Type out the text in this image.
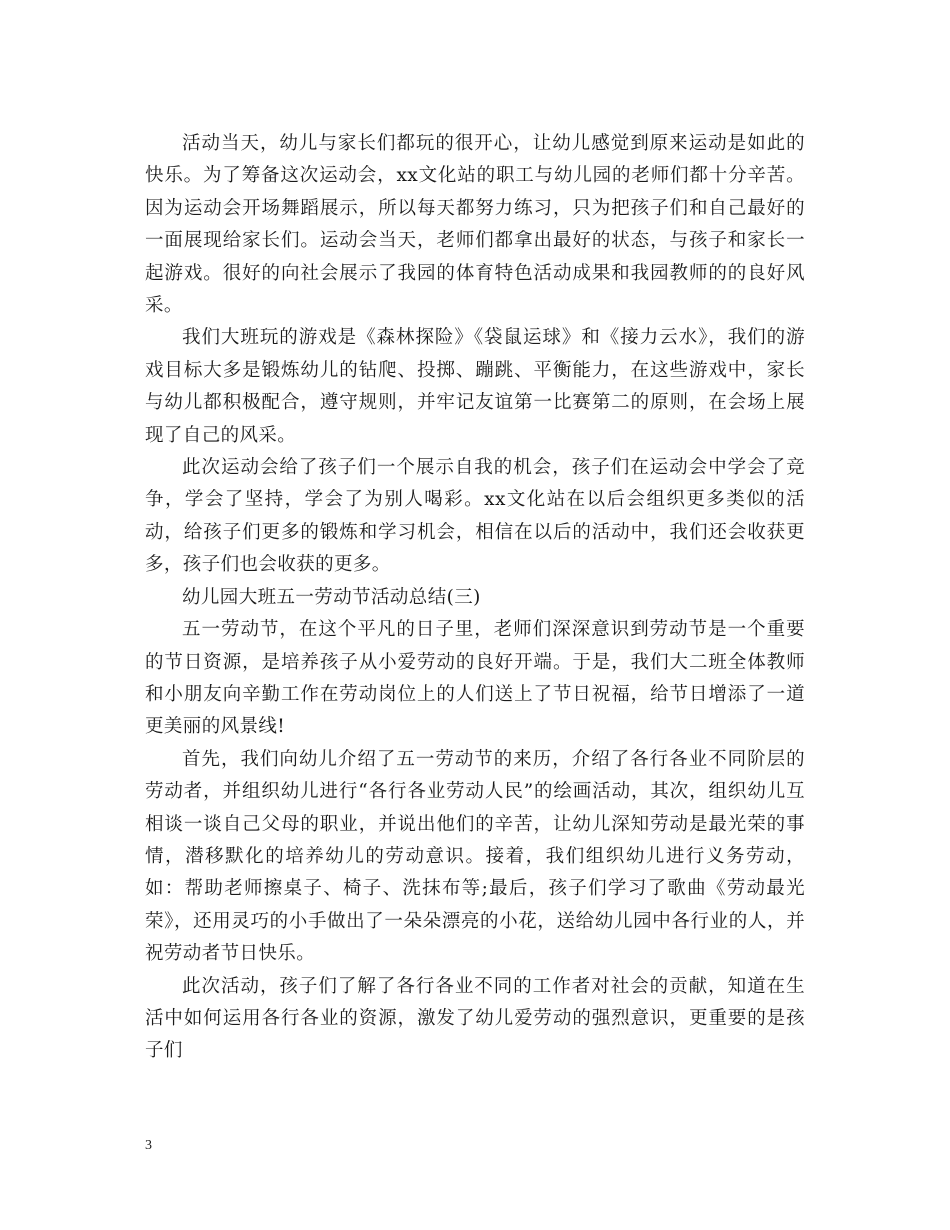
活动当天，幼儿与家长们都玩的很开心，让幼儿感觉到原来运动是如此的快乐。为了筹备这次运动会，xx文化站的职工与幼儿园的老师们都十分辛苦。因为运动会开场舞蹈展示，所以每天都努力练习，只为把孩子们和自己最好的一面展现给家长们。运动会当天，老师们都拿出最好的状态，与孩子和家长一起游戏。很好的向社会展示了我园的体育特色活动成果和我园教师的的良好风采。

我们大班玩的游戏是《森林探险》《袋鼠运球》和《接力云水》，我们的游戏目标大多是锻炼幼儿的钻爬、投掷、蹦跳、平衡能力，在这些游戏中，家长与幼儿都积极配合，遵守规则，并牢记友谊第一比赛第二的原则，在会场上展现了自己的风采。

此次运动会给了孩子们一个展示自我的机会，孩子们在运动会中学会了竞争，学会了坚持，学会了为别人喝彩。xx文化站在以后会组织更多类似的活动，给孩子们更多的锻炼和学习机会，相信在以后的活动中，我们还会收获更多，孩子们也会收获的更多。

幼儿园大班五一劳动节活动总结(三)

五一劳动节，在这个平凡的日子里，老师们深深意识到劳动节是一个重要的节日资源，是培养孩子从小爱劳动的良好开端。于是，我们大二班全体教师和小朋友向辛勤工作在劳动岗位上的人们送上了节日祝福，给节日增添了一道更美丽的风景线!

首先，我们向幼儿介绍了五一劳动节的来历，介绍了各行各业不同阶层的劳动者，并组织幼儿进行“各行各业劳动人民”的绘画活动，其次，组织幼儿互相谈一谈自己父母的职业，并说出他们的辛苦，让幼儿深知劳动是最光荣的事情，潜移默化的培养幼儿的劳动意识。接着，我们组织幼儿进行义务劳动，如：帮助老师擦桌子、椅子、洗抹布等;最后，孩子们学习了歌曲《劳动最光荣》，还用灵巧的小手做出了一朵朵漂亮的小花，送给幼儿园中各行业的人，并祝劳动者节日快乐。

此次活动，孩子们了解了各行各业不同的工作者对社会的贡献，知道在生活中如何运用各行各业的资源，激发了幼儿爱劳动的强烈意识，更重要的是孩子们

3
